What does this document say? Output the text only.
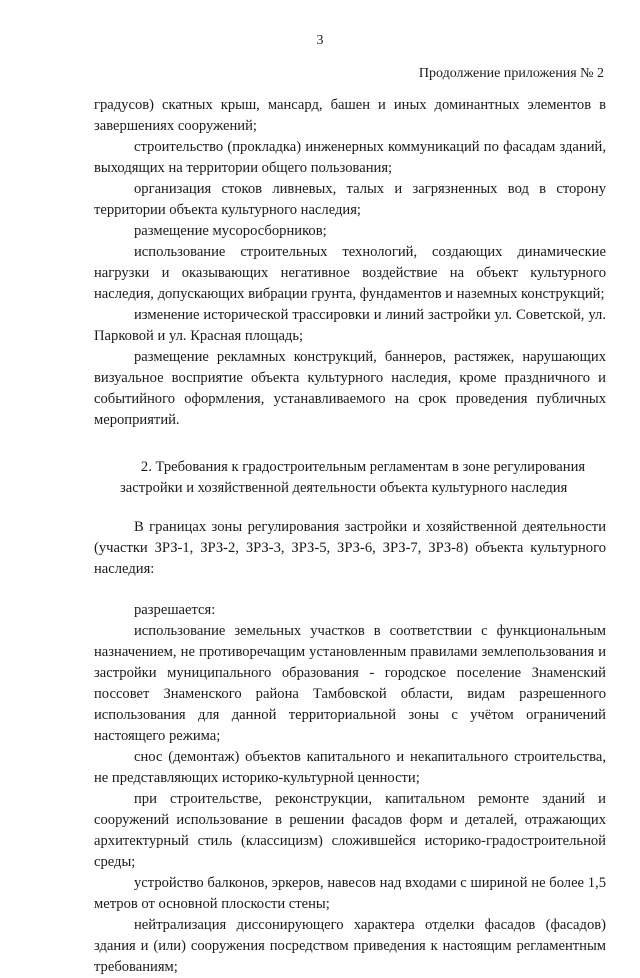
3
Продолжение приложения № 2

градусов) скатных крыш, мансард, башен и иных доминантных элементов в завершениях сооружений;

строительство (прокладка) инженерных коммуникаций по фасадам зданий, выходящих на территории общего пользования;

организация стоков ливневых, талых и загрязненных вод в сторону территории объекта культурного наследия;

размещение мусоросборников;

использование строительных технологий, создающих динамические нагрузки и оказывающих негативное воздействие на объект культурного наследия, допускающих вибрации грунта, фундаментов и наземных конструкций;

изменение исторической трассировки и линий застройки ул. Советской, ул. Парковой и ул. Красная площадь;

размещение рекламных конструкций, баннеров, растяжек, нарушающих визуальное восприятие объекта культурного наследия, кроме праздничного и событийного оформления, устанавливаемого на срок проведения публичных мероприятий.

2. Требования к градостроительным регламентам в зоне регулирования застройки и хозяйственной деятельности объекта культурного наследия

В границах зоны регулирования застройки и хозяйственной деятельности (участки ЗРЗ-1, ЗРЗ-2, ЗРЗ-3, ЗРЗ-5, ЗРЗ-6, ЗРЗ-7, ЗРЗ-8) объекта культурного наследия:

разрешается:

использование земельных участков в соответствии с функциональным назначением, не противоречащим установленным правилами землепользования и застройки муниципального образования - городское поселение Знаменский поссовет Знаменского района Тамбовской области, видам разрешенного использования для данной территориальной зоны с учётом ограничений настоящего режима;

снос (демонтаж) объектов капитального и некапитального строительства, не представляющих историко-культурной ценности;

при строительстве, реконструкции, капитальном ремонте зданий и сооружений использование в решении фасадов форм и деталей, отражающих архитектурный стиль (классицизм) сложившейся историко-градостроительной среды;

устройство балконов, эркеров, навесов над входами с шириной не более 1,5 метров от основной плоскости стены;

нейтрализация диссонирующего характера отделки фасадов (фасадов) здания и (или) сооружения посредством приведения к настоящим регламентным требованиям;
